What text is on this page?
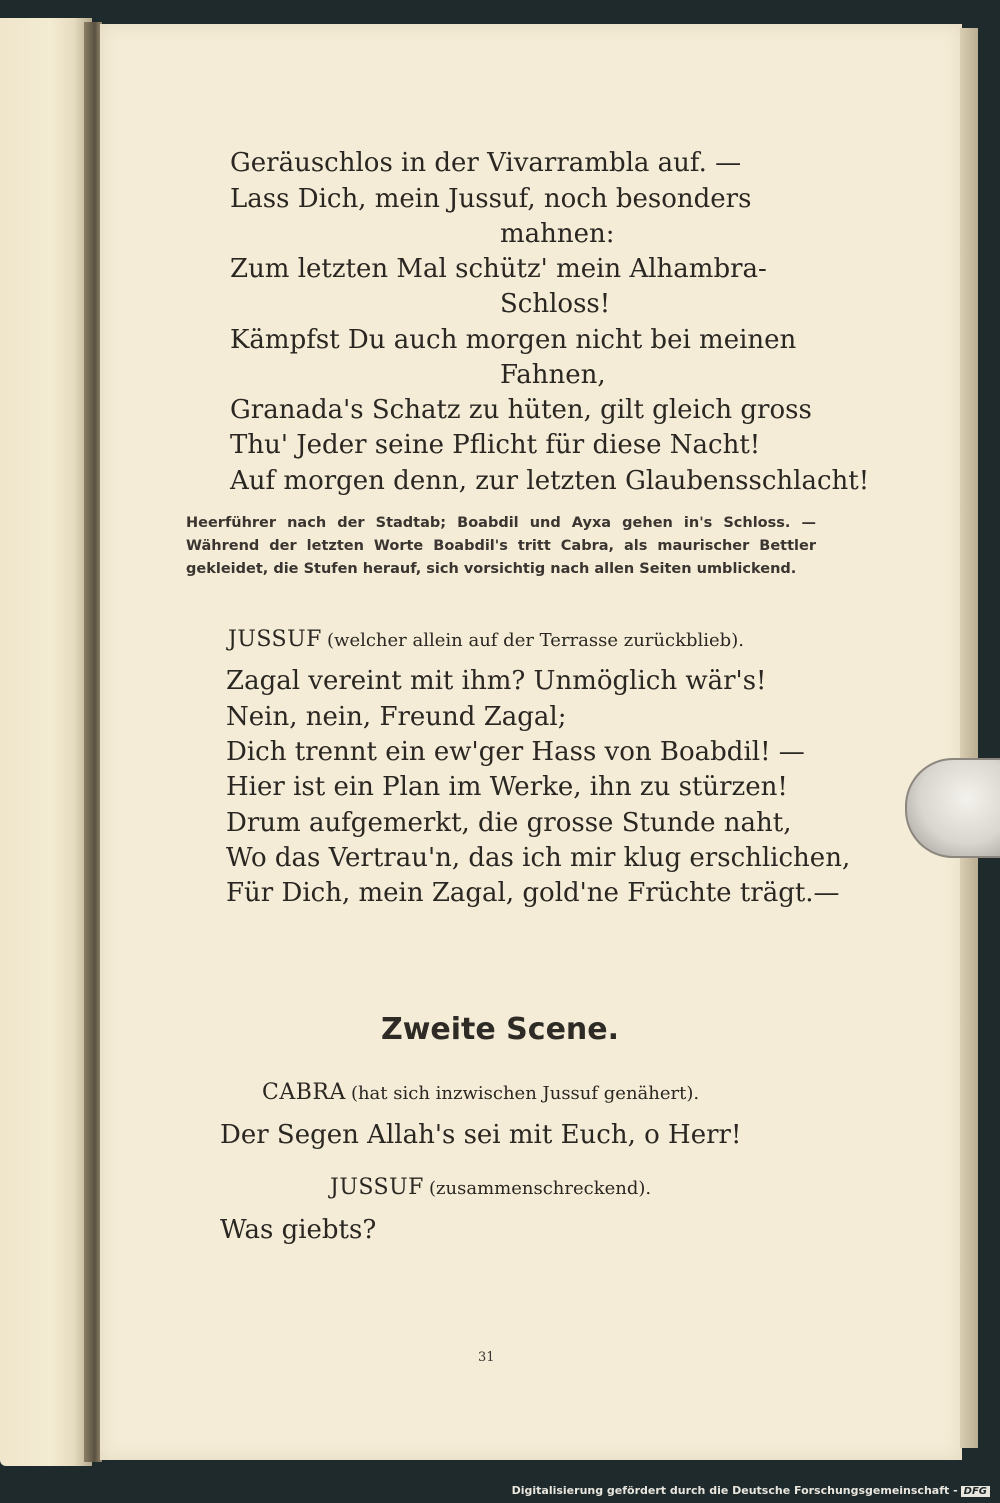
Geräuschlos in der Vivarrambla auf. —

Lass Dich, mein Jussuf, noch besonders

mahnen:

Zum letzten Mal schütz' mein Alhambra-

Schloss!

Kämpfst Du auch morgen nicht bei meinen

Fahnen,

Granada's Schatz zu hüten, gilt gleich gross

Thu' Jeder seine Pflicht für diese Nacht!

Auf morgen denn, zur letzten Glaubensschlacht!

Heerführer nach der Stadtab; Boabdil und Ayxa gehen in's Schloss. — Während der letzten Worte Boabdil's tritt Cabra, als maurischer Bettler gekleidet, die Stufen herauf, sich vorsichtig nach allen Seiten umblickend.

JUSSUF (welcher allein auf der Terrasse zurückblieb).

Zagal vereint mit ihm? Unmöglich wär's!

Nein, nein, Freund Zagal;

Dich trennt ein ew'ger Hass von Boabdil! —

Hier ist ein Plan im Werke, ihn zu stürzen!

Drum aufgemerkt, die grosse Stunde naht,

Wo das Vertrau'n, das ich mir klug erschlichen,

Für Dich, mein Zagal, gold'ne Früchte trägt.—

Zweite Scene.

CABRA (hat sich inzwischen Jussuf genähert).

Der Segen Allah's sei mit Euch, o Herr!

JUSSUF (zusammenschreckend).

Was giebts?

31

Digitalisierung gefördert durch die Deutsche Forschungsgemeinschaft - DFG
